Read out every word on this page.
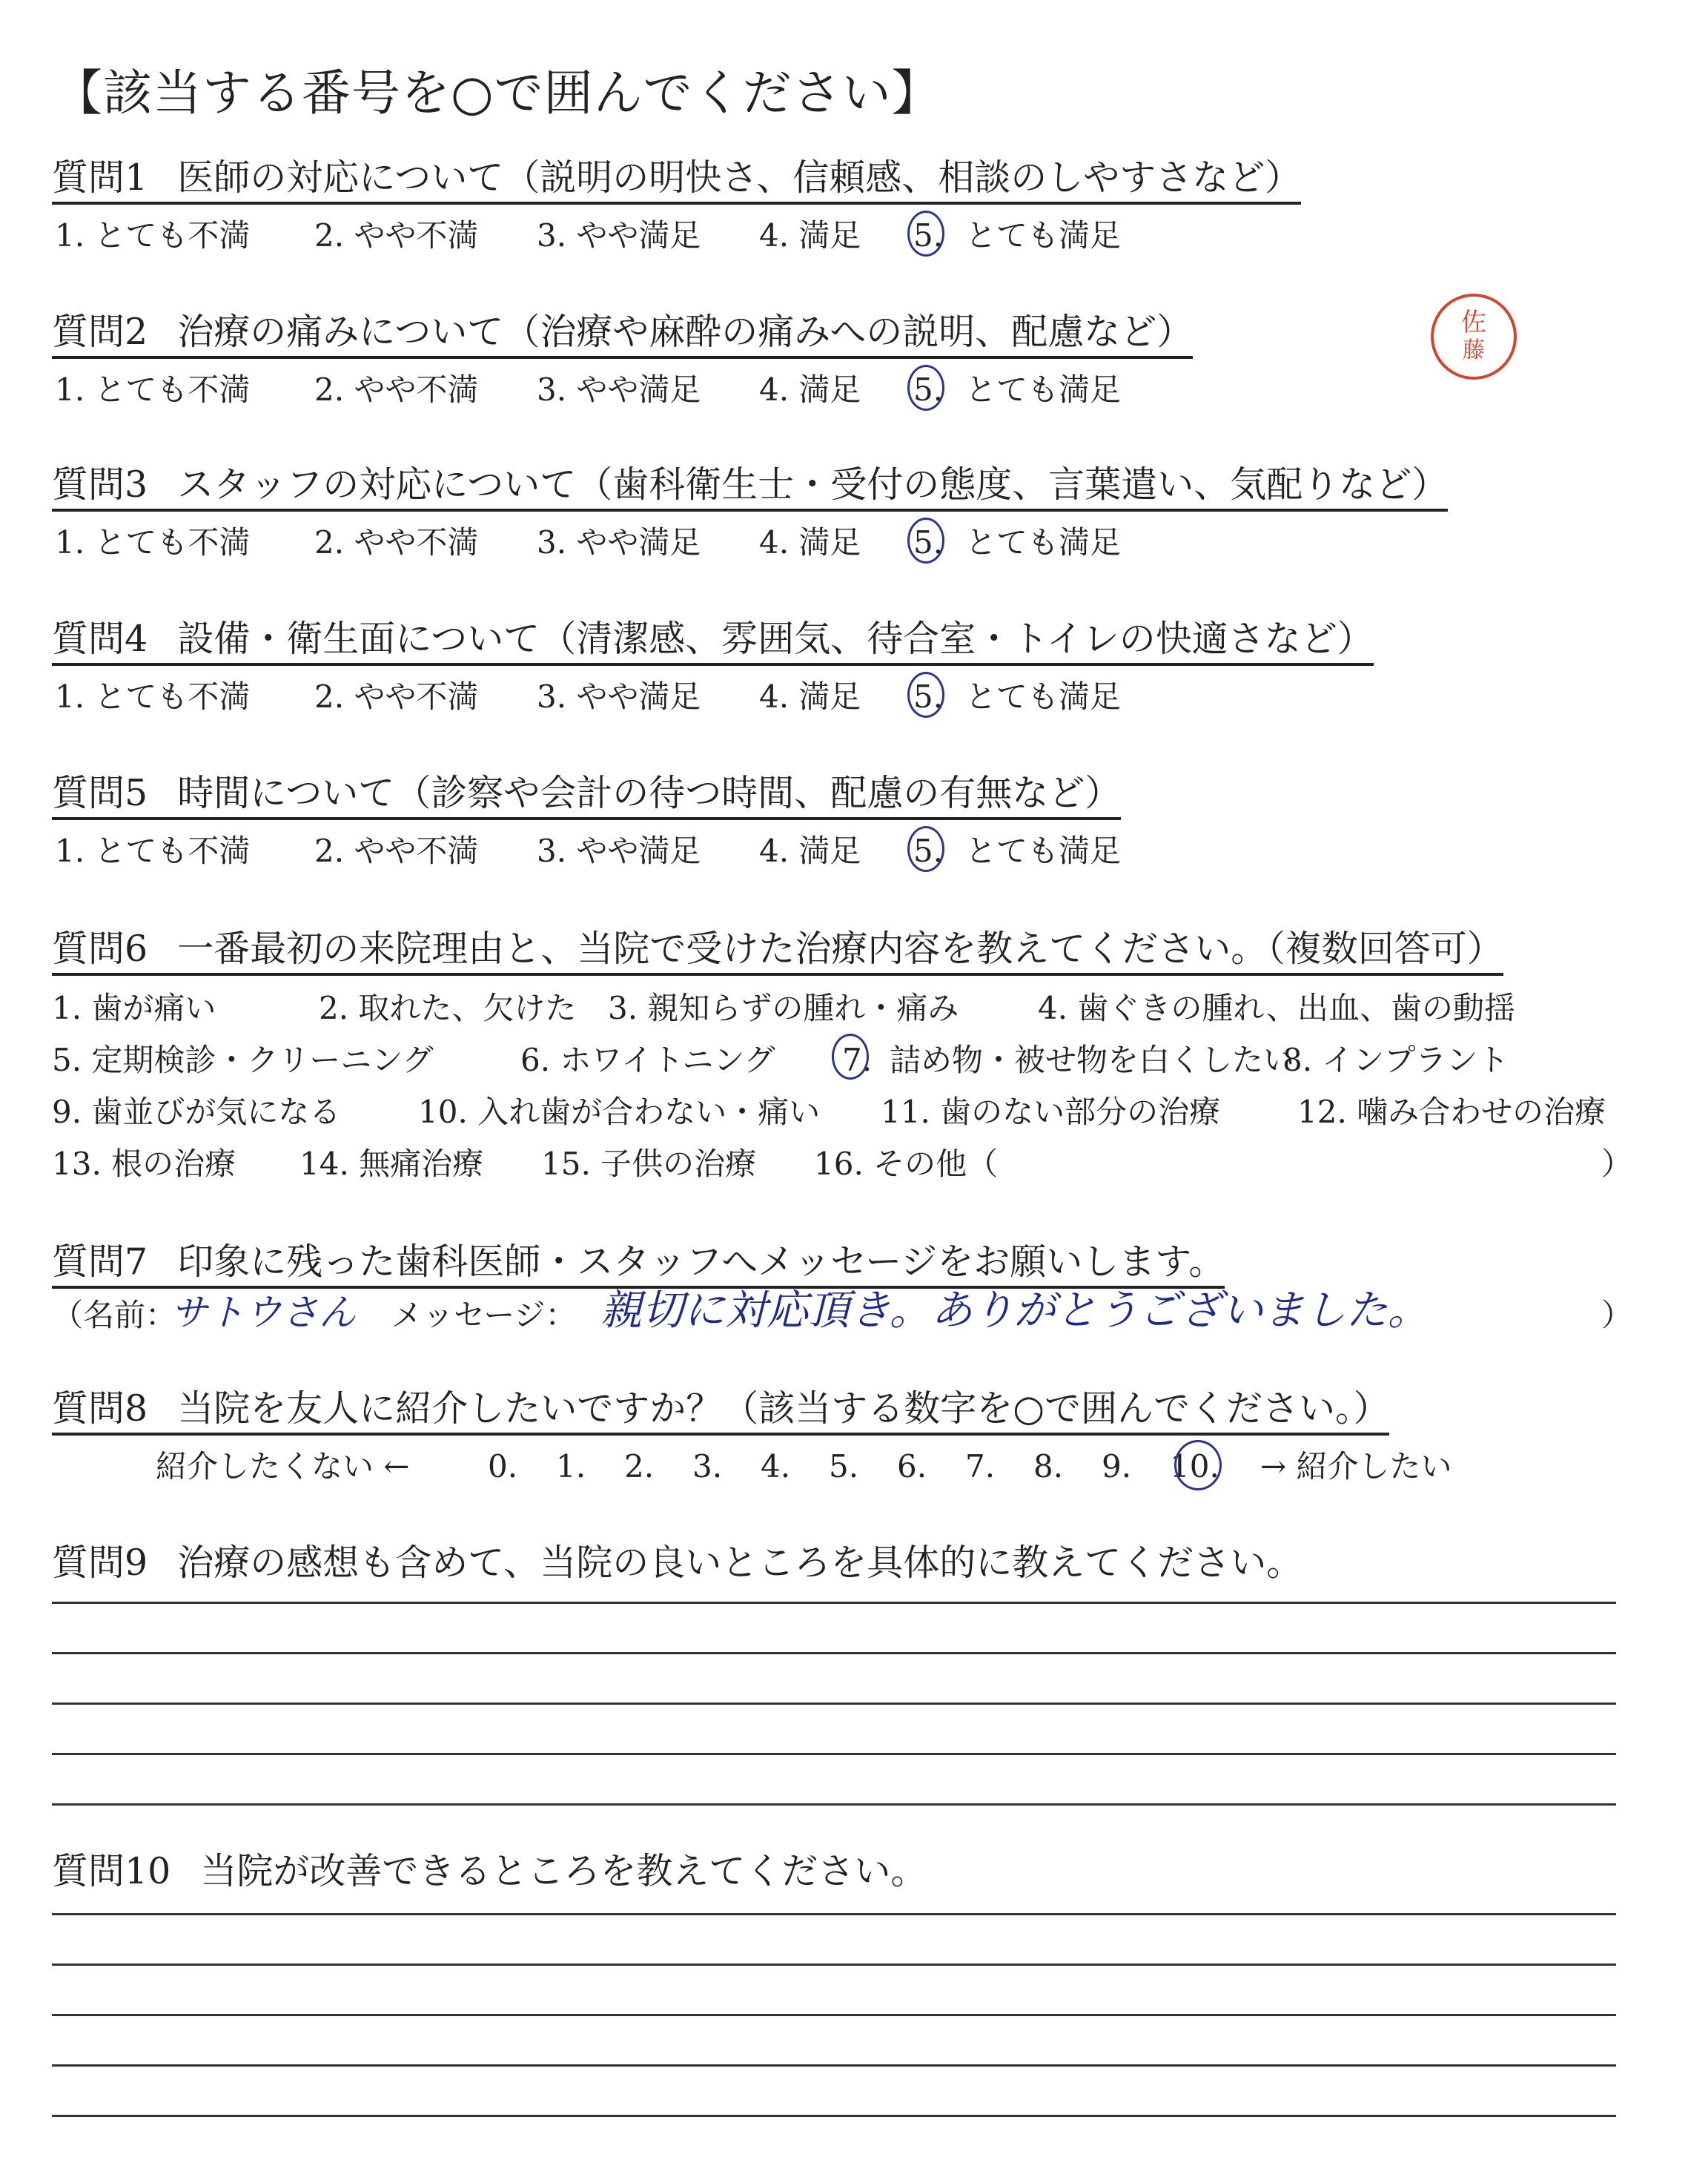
【該当する番号を○で囲んでください】
佐
藤
質問1 医師の対応について（説明の明快さ、信頼感、相談のしやすさなど）
1. とても不満 2. やや不満 3. やや満足 4. 満足 5. とても満足
質問2 治療の痛みについて（治療や麻酔の痛みへの説明、配慮など）
1. とても不満 2. やや不満 3. やや満足 4. 満足 5. とても満足
質問3 スタッフの対応について（歯科衛生士・受付の態度、言葉遣い、気配りなど）
1. とても不満 2. やや不満 3. やや満足 4. 満足 5. とても満足
質問4 設備・衛生面について（清潔感、雰囲気、待合室・トイレの快適さなど）
1. とても不満 2. やや不満 3. やや満足 4. 満足 5. とても満足
質問5 時間について（診察や会計の待つ時間、配慮の有無など）
1. とても不満 2. やや不満 3. やや満足 4. 満足 5. とても満足
質問6 一番最初の来院理由と、当院で受けた治療内容を教えてください。（複数回答可）
1. 歯が痛い	2. 取れた、欠けた 3. 親知らずの腫れ・痛み	4. 歯ぐきの腫れ、出血、歯の動揺
5. 定期検診・クリーニング	6. ホワイトニング 7. 詰め物・被せ物を白くしたい
8. インプラント
9. 歯並びが気になる 10. 入れ歯が合わない・痛い 11. 歯のない部分の治療 12. 噛み合わせの治療
13. 根の治療 14. 無痛治療 15. 子供の治療 16. その他（	）
質問7 印象に残った歯科医師・スタッフへメッセージをお願いします。
（名前：
サトウさん メッセージ： 親切に対応頂き。ありがとうございました。	）
質問8 当院を友人に紹介したいですか？（該当する数字を○で囲んでください。）
紹介したくない ←	0. 1. 2. 3. 4. 5. 6. 7. 8. 9. 10. → 紹介したい
質問9 治療の感想も含めて、当院の良いところを具体的に教えてください。
質問10 当院が改善できるところを教えてください。
